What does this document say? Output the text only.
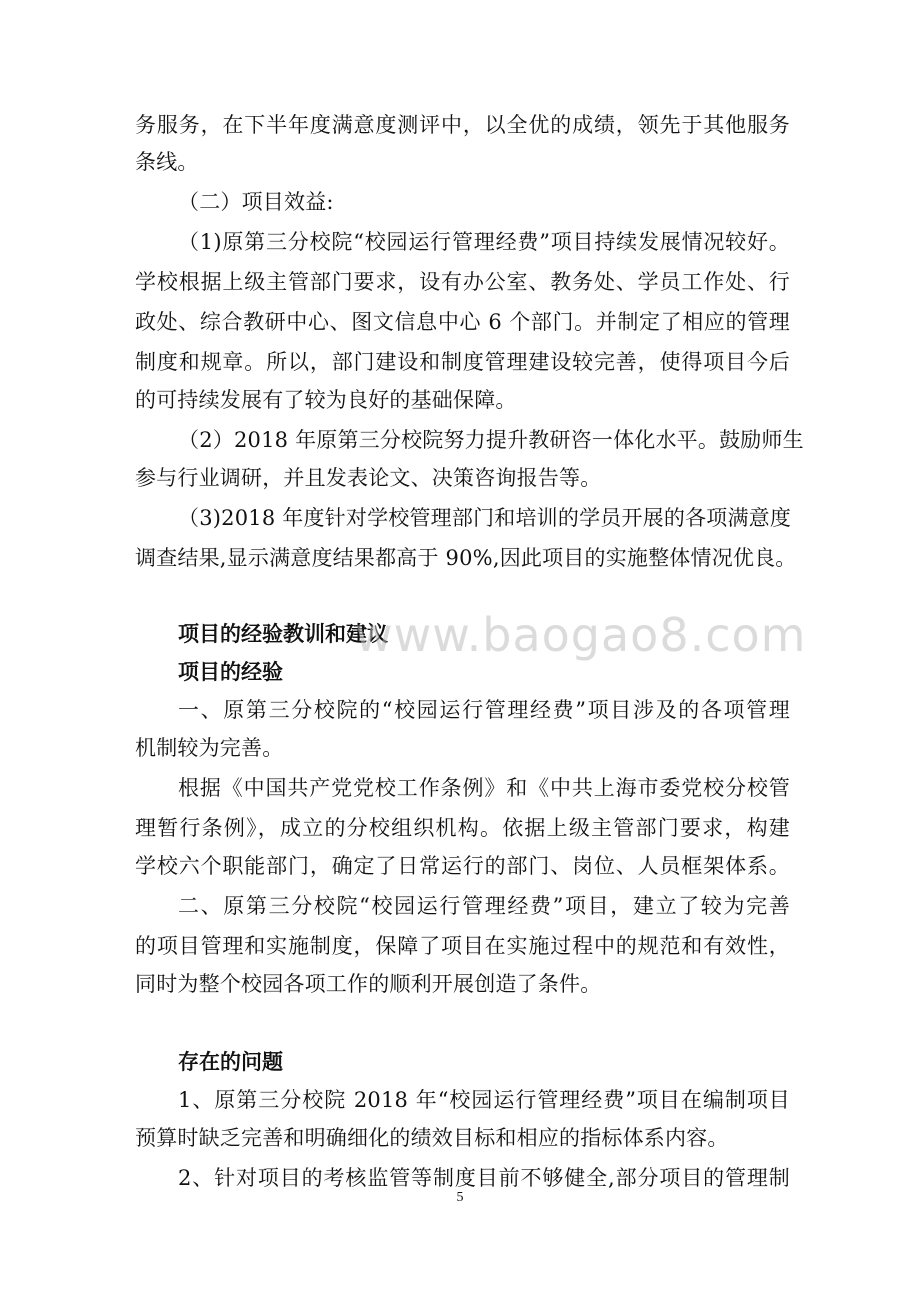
务服务，在下半年度满意度测评中，以全优的成绩，领先于其他服务
条线。
（二）项目效益:
（1)原第三分校院“校园运行管理经费”项目持续发展情况较好。
学校根据上级主管部门要求，设有办公室、教务处、学员工作处、行
政处、综合教研中心、图文信息中心 6 个部门。并制定了相应的管理
制度和规章。所以，部门建设和制度管理建设较完善，使得项目今后
的可持续发展有了较为良好的基础保障。
（2）2018 年原第三分校院努力提升教研咨一体化水平。鼓励师生
参与行业调研，并且发表论文、决策咨询报告等。
（3)2018 年度针对学校管理部门和培训的学员开展的各项满意度
调查结果,显示满意度结果都高于 90%,因此项目的实施整体情况优良。
项目的经验教训和建议
www.baogao8.com
项目的经验
一、原第三分校院的“校园运行管理经费”项目涉及的各项管理
机制较为完善。
根据《中国共产党党校工作条例》和《中共上海市委党校分校管
理暂行条例》，成立的分校组织机构。依据上级主管部门要求，构建
学校六个职能部门，确定了日常运行的部门、岗位、人员框架体系。
二、原第三分校院“校园运行管理经费”项目，建立了较为完善
的项目管理和实施制度，保障了项目在实施过程中的规范和有效性，
同时为整个校园各项工作的顺利开展创造了条件。
存在的问题
1、原第三分校院 2018 年“校园运行管理经费”项目在编制项目
预算时缺乏完善和明确细化的绩效目标和相应的指标体系内容。
2、针对项目的考核监管等制度目前不够健全,部分项目的管理制
5
